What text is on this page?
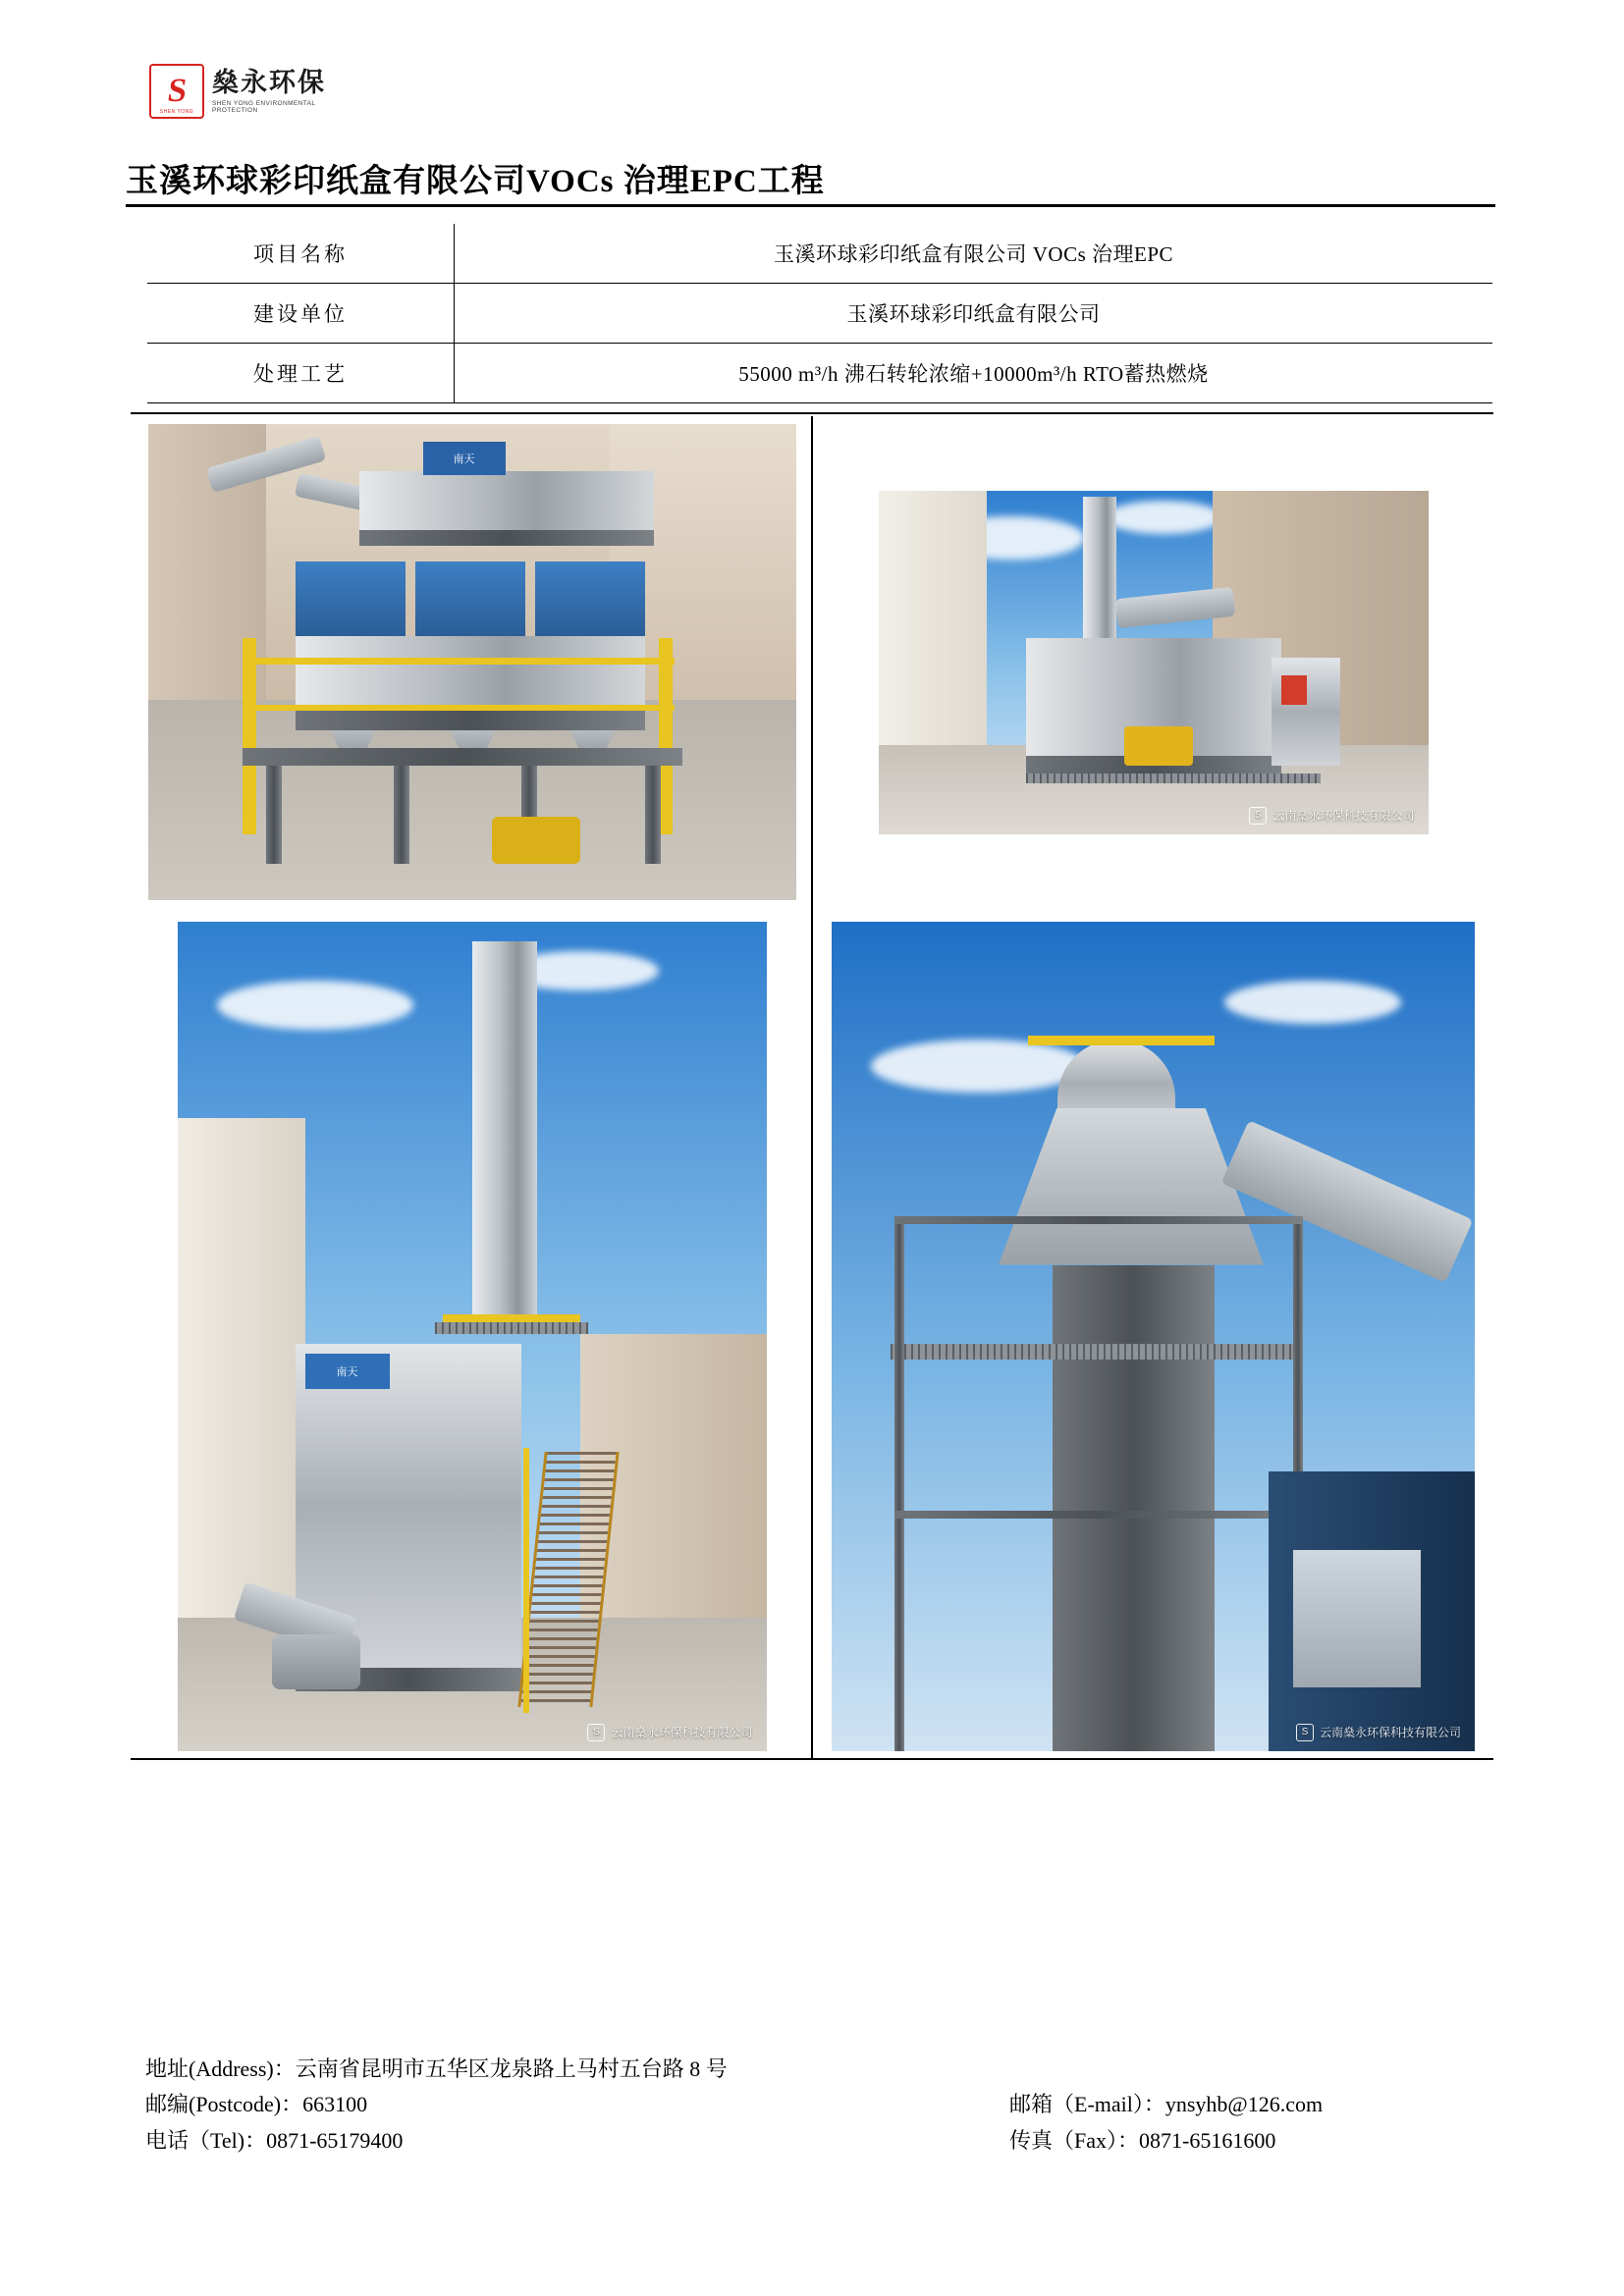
S
SHEN YONG
燊永环保
SHEN YONG ENVIRONMENTAL PROTECTION
玉溪环球彩印纸盒有限公司VOCs 治理EPC工程
项目名称	玉溪环球彩印纸盒有限公司 VOCs 治理EPC
建设单位	玉溪环球彩印纸盒有限公司
处理工艺	55000 m³/h 沸石转轮浓缩+10000m³/h RTO蓄热燃烧
南天
S 云南燊永环保科技有限公司
南天
S 云南燊永环保科技有限公司	S 云南燊永环保科技有限公司
地址(Address)：云南省昆明市五华区龙泉路上马村五台路 8 号
邮编(Postcode)：663100	邮箱（E-mail）：ynsyhb@126.com
电话（Tel)：0871-65179400	传真（Fax）：0871-65161600
